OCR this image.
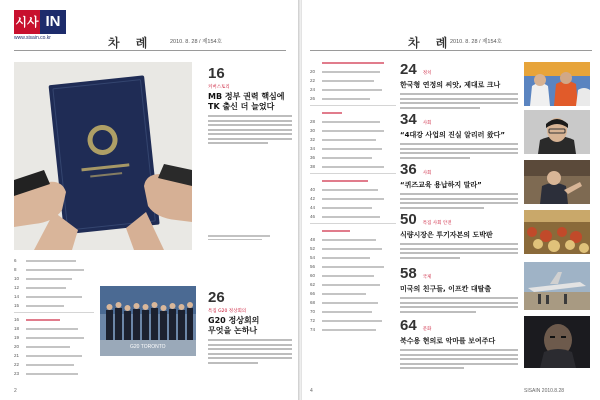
시사 IN
www.sisain.co.kr	차 례	2010. 8. 28 / 제154호
16
커버스토리
MB 정부 권력 핵심에
TK 출신 더 늘었다
6
8
10
12
14
15
16
18
19
20
21
22
23
G20 TORONTO
26
특집 G20 정상회의
G20 정상회의
무엇을 논하나
2
차 례
2010. 8. 28 / 제154호
20
22
24
26
28
30
32
34
36
38
40
42
44
46
48
52
54
56
60
62
66
68
70
72
74
24 정치
한국형 연정의 씨앗, 제대로 크나
34 사회
“4대강 사업의 진실 알리러 왔다”
36 사회
“퀴즈교육 용납하지 말라”
50 특집 사회 안전
식량시장은 투기자본의 도박판
58 국제
미국의 친구들, 이프칸 대탈출
64 문화
북수용 현의로 악마를 보여주다
4	SISAIN 2010.8.28
